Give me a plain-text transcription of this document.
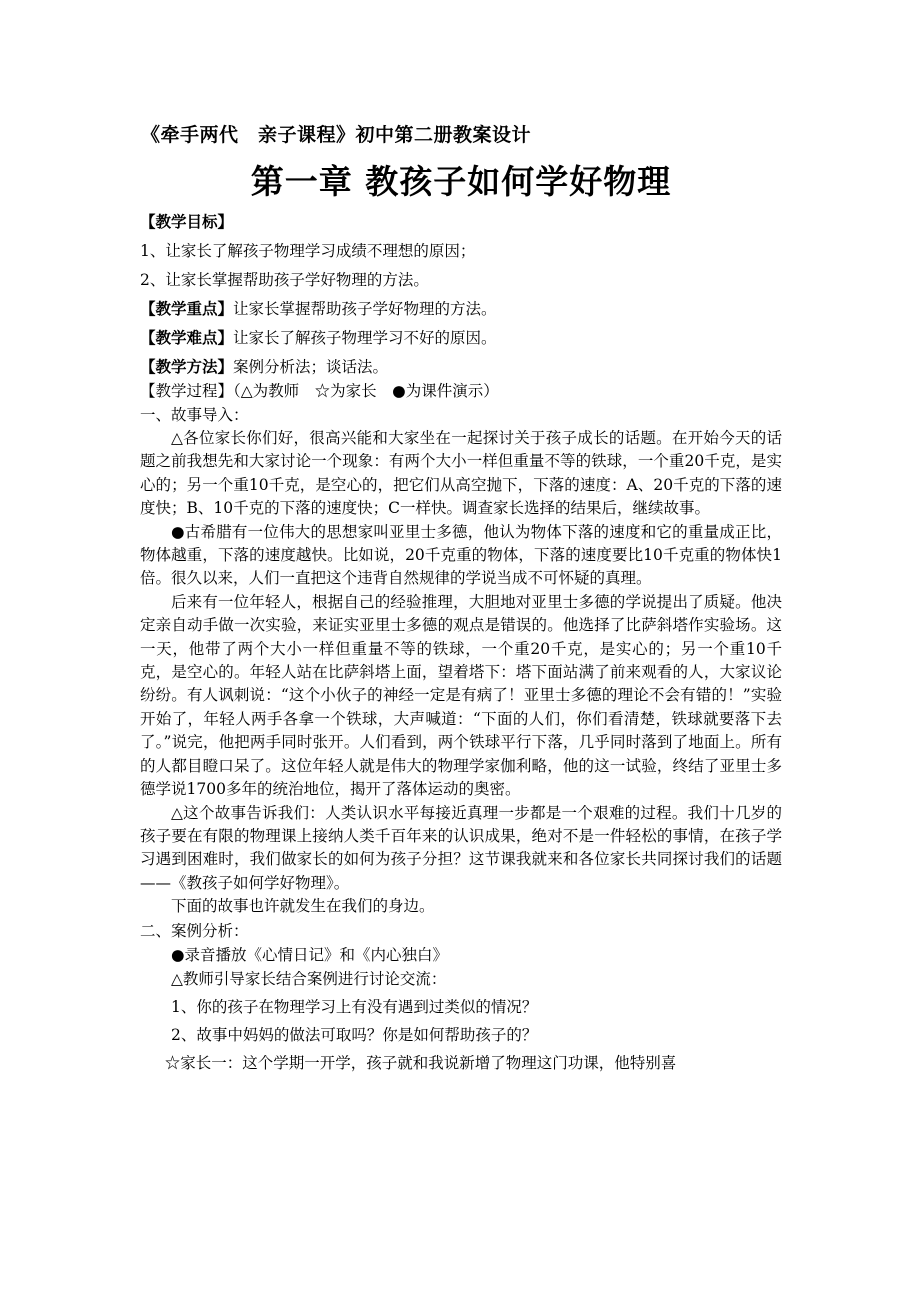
《牵手两代　亲子课程》初中第二册教案设计
第一章 教孩子如何学好物理
【教学目标】
1、让家长了解孩子物理学习成绩不理想的原因；
2、让家长掌握帮助孩子学好物理的方法。
【教学重点】让家长掌握帮助孩子学好物理的方法。
【教学难点】让家长了解孩子物理学习不好的原因。
【教学方法】案例分析法；谈话法。
【教学过程】（△为教师　☆为家长　●为课件演示）
一、故事导入：

△各位家长你们好，很高兴能和大家坐在一起探讨关于孩子成长的话题。在开始今天的话题之前我想先和大家讨论一个现象：有两个大小一样但重量不等的铁球，一个重20千克，是实心的；另一个重10千克，是空心的，把它们从高空抛下，下落的速度：A、20千克的下落的速度快；B、10千克的下落的速度快；C一样快。调查家长选择的结果后，继续故事。

●古希腊有一位伟大的思想家叫亚里士多德，他认为物体下落的速度和它的重量成正比，物体越重，下落的速度越快。比如说，20千克重的物体，下落的速度要比10千克重的物体快1倍。很久以来，人们一直把这个违背自然规律的学说当成不可怀疑的真理。

后来有一位年轻人，根据自己的经验推理，大胆地对亚里士多德的学说提出了质疑。他决定亲自动手做一次实验，来证实亚里士多德的观点是错误的。他选择了比萨斜塔作实验场。这一天，他带了两个大小一样但重量不等的铁球，一个重20千克，是实心的；另一个重10千克，是空心的。年轻人站在比萨斜塔上面，望着塔下：塔下面站满了前来观看的人，大家议论纷纷。有人讽刺说：“这个小伙子的神经一定是有病了！亚里士多德的理论不会有错的！”实验开始了，年轻人两手各拿一个铁球，大声喊道：“下面的人们，你们看清楚，铁球就要落下去了。”说完，他把两手同时张开。人们看到，两个铁球平行下落，几乎同时落到了地面上。所有的人都目瞪口呆了。这位年轻人就是伟大的物理学家伽利略，他的这一试验，终结了亚里士多德学说1700多年的统治地位，揭开了落体运动的奥密。

△这个故事告诉我们：人类认识水平每接近真理一步都是一个艰难的过程。我们十几岁的孩子要在有限的物理课上接纳人类千百年来的认识成果，绝对不是一件轻松的事情，在孩子学习遇到困难时，我们做家长的如何为孩子分担？这节课我就来和各位家长共同探讨我们的话题——《教孩子如何学好物理》。

下面的故事也许就发生在我们的身边。

二、案例分析：
●录音播放《心情日记》和《内心独白》
△教师引导家长结合案例进行讨论交流：
1、你的孩子在物理学习上有没有遇到过类似的情况？
2、故事中妈妈的做法可取吗？你是如何帮助孩子的？
☆家长一：这个学期一开学，孩子就和我说新增了物理这门功课，他特别喜
